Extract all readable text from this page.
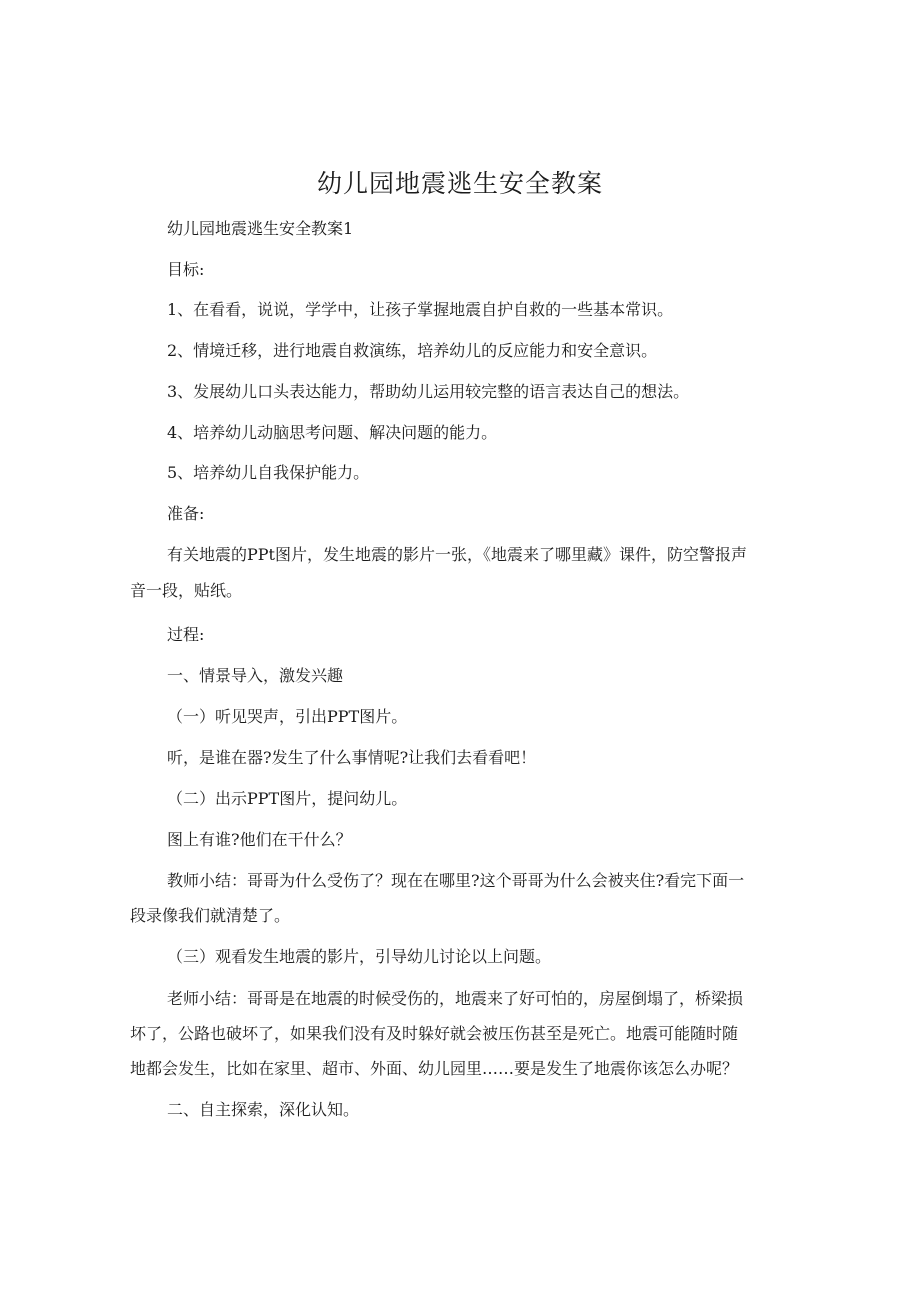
幼儿园地震逃生安全教案

幼儿园地震逃生安全教案1

目标:

1、在看看，说说，学学中，让孩子掌握地震自护自救的一些基本常识。

2、情境迁移，进行地震自救演练，培养幼儿的反应能力和安全意识。

3、发展幼儿口头表达能力，帮助幼儿运用较完整的语言表达自己的想法。

4、培养幼儿动脑思考问题、解决问题的能力。

5、培养幼儿自我保护能力。

准备:

有关地震的PPt图片，发生地震的影片一张，《地震来了哪里藏》课件，防空警报声

音一段，贴纸。

过程:

一、情景导入，激发兴趣

（一）听见哭声，引出PPT图片。

听，是谁在器?发生了什么事情呢?让我们去看看吧！

（二）出示PPT图片，提问幼儿。

图上有谁?他们在干什么？

教师小结：哥哥为什么受伤了？现在在哪里?这个哥哥为什么会被夹住?看完下面一

段录像我们就清楚了。

（三）观看发生地震的影片，引导幼儿讨论以上问题。

老师小结：哥哥是在地震的时候受伤的，地震来了好可怕的，房屋倒塌了，桥梁损

坏了，公路也破坏了，如果我们没有及时躲好就会被压伤甚至是死亡。地震可能随时随

地都会发生，比如在家里、超市、外面、幼儿园里……要是发生了地震你该怎么办呢？

二、自主探索，深化认知。
